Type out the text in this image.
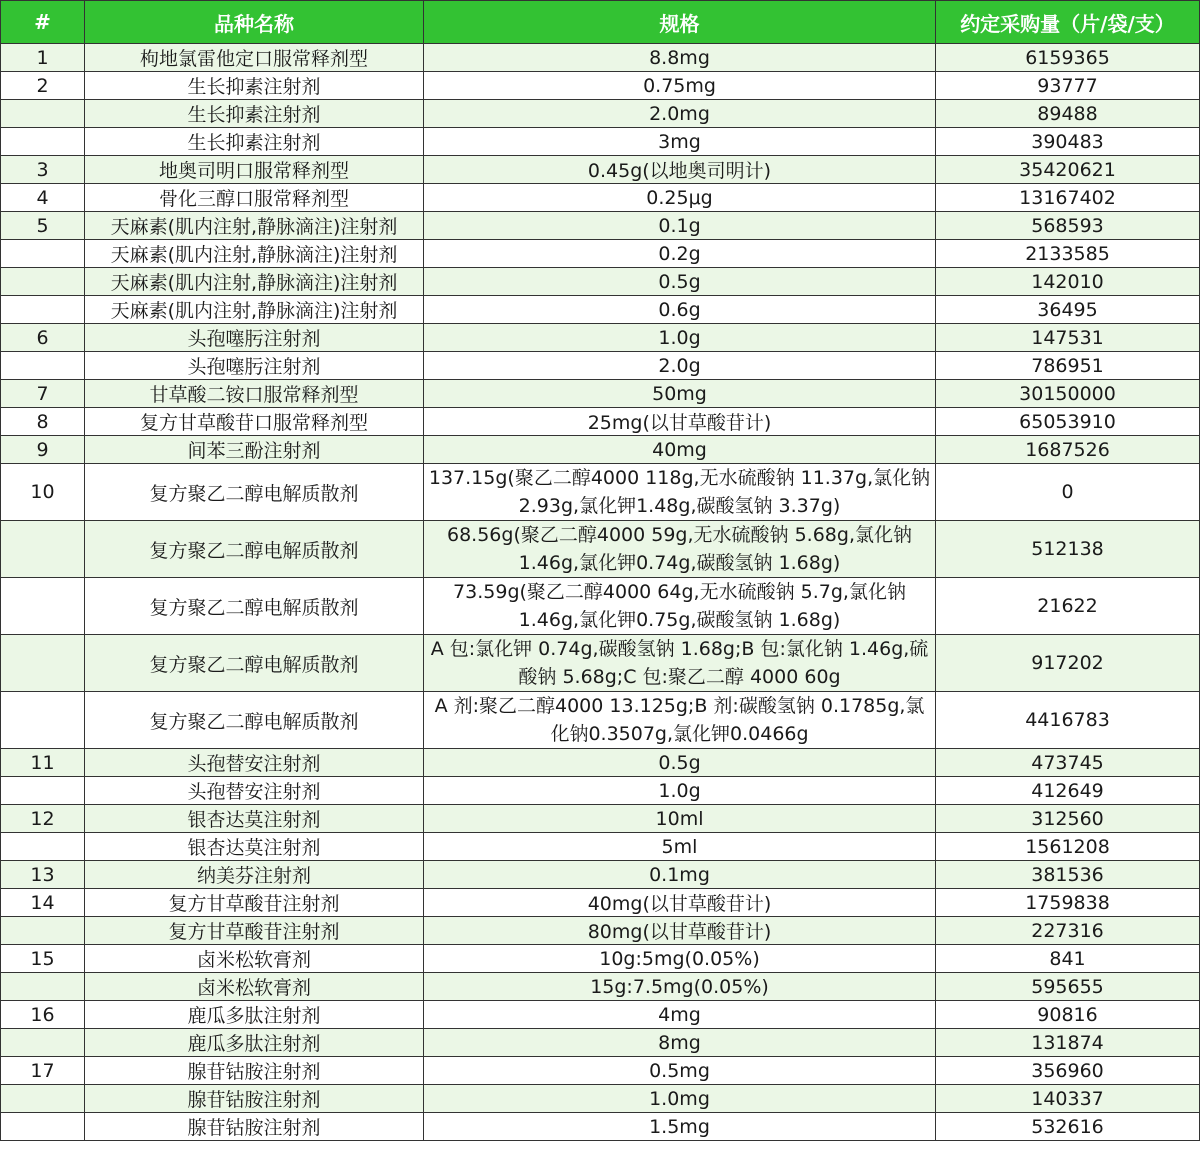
#	品种名称	规格	约定采购量（片/袋/支）
1	枸地氯雷他定口服常释剂型	8.8mg	6159365
2	生长抑素注射剂	0.75mg	93777
	生长抑素注射剂	2.0mg	89488
	生长抑素注射剂	3mg	390483
3	地奥司明口服常释剂型	0.45g(以地奥司明计)	35420621
4	骨化三醇口服常释剂型	0.25μg	13167402
5	天麻素(肌内注射,静脉滴注)注射剂	0.1g	568593
	天麻素(肌内注射,静脉滴注)注射剂	0.2g	2133585
	天麻素(肌内注射,静脉滴注)注射剂	0.5g	142010
	天麻素(肌内注射,静脉滴注)注射剂	0.6g	36495
6	头孢噻肟注射剂	1.0g	147531
	头孢噻肟注射剂	2.0g	786951
7	甘草酸二铵口服常释剂型	50mg	30150000
8	复方甘草酸苷口服常释剂型	25mg(以甘草酸苷计)	65053910
9	间苯三酚注射剂	40mg	1687526
10	复方聚乙二醇电解质散剂	137.15g(聚乙二醇4000 118g,无水硫酸钠 11.37g,氯化钠2.93g,氯化钾1.48g,碳酸氢钠 3.37g)	0
	复方聚乙二醇电解质散剂	68.56g(聚乙二醇4000 59g,无水硫酸钠 5.68g,氯化钠 1.46g,氯化钾0.74g,碳酸氢钠 1.68g)	512138
	复方聚乙二醇电解质散剂	73.59g(聚乙二醇4000 64g,无水硫酸钠 5.7g,氯化钠 1.46g,氯化钾0.75g,碳酸氢钠 1.68g)	21622
	复方聚乙二醇电解质散剂	A 包:氯化钾 0.74g,碳酸氢钠 1.68g;B 包:氯化钠 1.46g,硫酸钠 5.68g;C 包:聚乙二醇 4000 60g	917202
	复方聚乙二醇电解质散剂	A 剂:聚乙二醇4000 13.125g;B 剂:碳酸氢钠 0.1785g,氯化钠0.3507g,氯化钾0.0466g	4416783
11	头孢替安注射剂	0.5g	473745
	头孢替安注射剂	1.0g	412649
12	银杏达莫注射剂	10ml	312560
	银杏达莫注射剂	5ml	1561208
13	纳美芬注射剂	0.1mg	381536
14	复方甘草酸苷注射剂	40mg(以甘草酸苷计)	1759838
	复方甘草酸苷注射剂	80mg(以甘草酸苷计)	227316
15	卤米松软膏剂	10g:5mg(0.05%)	841
	卤米松软膏剂	15g:7.5mg(0.05%)	595655
16	鹿瓜多肽注射剂	4mg	90816
	鹿瓜多肽注射剂	8mg	131874
17	腺苷钴胺注射剂	0.5mg	356960
	腺苷钴胺注射剂	1.0mg	140337
	腺苷钴胺注射剂	1.5mg	532616
